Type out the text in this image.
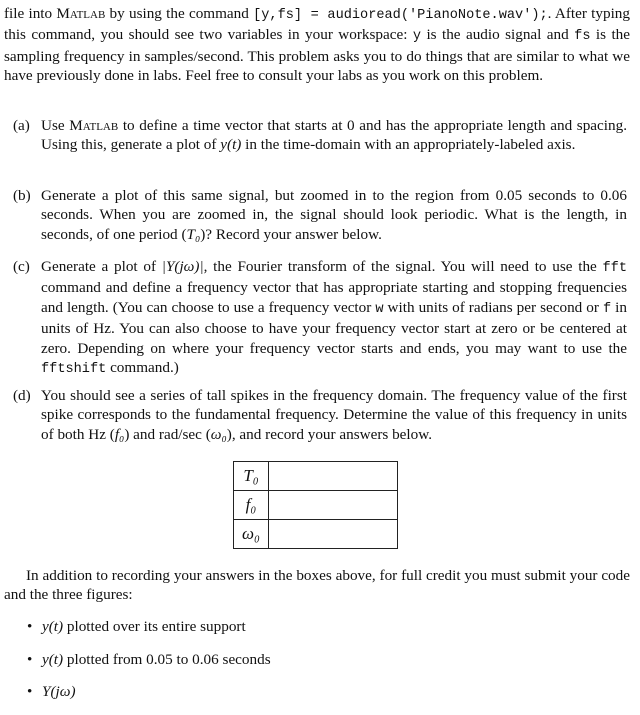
file into Matlab by using the command [y,fs] = audioread('PianoNote.wav');. After typing this command, you should see two variables in your workspace: y is the audio signal and fs is the sampling frequency in samples/second. This problem asks you to do things that are similar to what we have previously done in labs. Feel free to consult your labs as you work on this problem.

(a) Use Matlab to define a time vector that starts at 0 and has the appropriate length and spacing. Using this, generate a plot of y(t) in the time-domain with an appropriately-labeled axis.

(b) Generate a plot of this same signal, but zoomed in to the region from 0.05 seconds to 0.06 seconds. When you are zoomed in, the signal should look periodic. What is the length, in seconds, of one period (T₀)? Record your answer below.

(c) Generate a plot of |Y(jω)|, the Fourier transform of the signal. You will need to use the fft command and define a frequency vector that has appropriate starting and stopping frequencies and length. (You can choose to use a frequency vector w with units of radians per second or f in units of Hz. You can also choose to have your frequency vector start at zero or be centered at zero. Depending on where your frequency vector starts and ends, you may want to use the fftshift command.)

(d) You should see a series of tall spikes in the frequency domain. The frequency value of the first spike corresponds to the fundamental frequency. Determine the value of this frequency in units of both Hz (f₀) and rad/sec (ω₀), and record your answers below.

T₀	
f₀	
ω₀	

In addition to recording your answers in the boxes above, for full credit you must submit your code and the three figures:

• y(t) plotted over its entire support
• y(t) plotted from 0.05 to 0.06 seconds
• Y(jω)
